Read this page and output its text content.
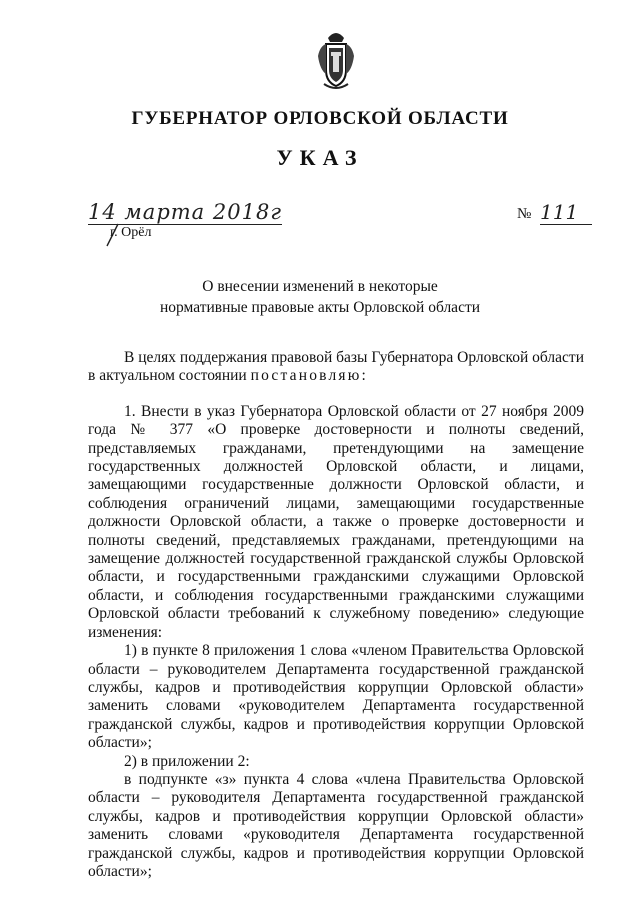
ГУБЕРНАТОР ОРЛОВСКОЙ ОБЛАСТИ
УКАЗ
14 марта 2018г	№ 111
г. Орёл
О внесении изменений в некоторые
нормативные правовые акты Орловской области

В целях поддержания правовой базы Губернатора Орловской области в актуальном состоянии постановляю:

1. Внести в указ Губернатора Орловской области от 27 ноября 2009 года № 377 «О проверке достоверности и полноты сведений, представляемых гражданами, претендующими на замещение государственных должностей Орловской области, и лицами, замещающими государственные должности Орловской области, и соблюдения ограничений лицами, замещающими государственные должности Орловской области, а также о проверке достоверности и полноты сведений, представляемых гражданами, претендующими на замещение должностей государственной гражданской службы Орловской области, и государственными гражданскими служащими Орловской области, и соблюдения государственными гражданскими служащими Орловской области требований к служебному поведению» следующие изменения:

1) в пункте 8 приложения 1 слова «членом Правительства Орловской области – руководителем Департамента государственной гражданской службы, кадров и противодействия коррупции Орловской области» заменить словами «руководителем Департамента государственной гражданской службы, кадров и противодействия коррупции Орловской области»;

2) в приложении 2:

в подпункте «з» пункта 4 слова «члена Правительства Орловской области – руководителя Департамента государственной гражданской службы, кадров и противодействия коррупции Орловской области» заменить словами «руководителя Департамента государственной гражданской службы, кадров и противодействия коррупции Орловской области»;
